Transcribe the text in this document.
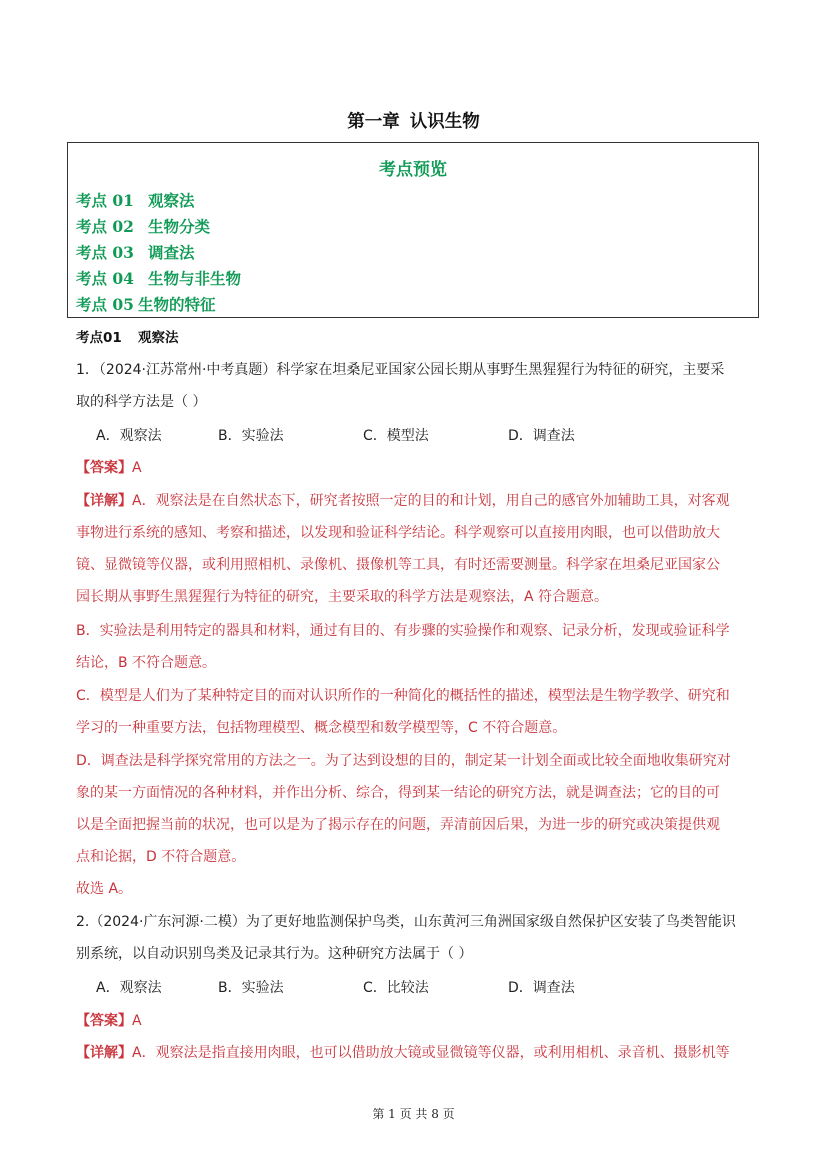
第一章 认识生物
考点预览
考点 01 观察法
考点 02 生物分类
考点 03 调查法
考点 04 生物与非生物
考点 05 生物的特征
考点01 观察法
1．（2024·江苏常州·中考真题）科学家在坦桑尼亚国家公园长期从事野生黑猩猩行为特征的研究，主要采
取的科学方法是（ ）
A．观察法	B．实验法	C．模型法	D．调查法
【答案】A
【详解】A．观察法是在自然状态下，研究者按照一定的目的和计划，用自己的感官外加辅助工具，对客观
事物进行系统的感知、考察和描述，以发现和验证科学结论。科学观察可以直接用肉眼，也可以借助放大
镜、显微镜等仪器，或利用照相机、录像机、摄像机等工具，有时还需要测量。科学家在坦桑尼亚国家公
园长期从事野生黑猩猩行为特征的研究，主要采取的科学方法是观察法，A 符合题意。
B．实验法是利用特定的器具和材料，通过有目的、有步骤的实验操作和观察、记录分析，发现或验证科学
结论，B 不符合题意。
C．模型是人们为了某种特定目的而对认识所作的一种简化的概括性的描述，模型法是生物学教学、研究和
学习的一种重要方法，包括物理模型、概念模型和数学模型等，C 不符合题意。
D．调查法是科学探究常用的方法之一。为了达到设想的目的，制定某一计划全面或比较全面地收集研究对
象的某一方面情况的各种材料，并作出分析、综合，得到某一结论的研究方法，就是调查法；它的目的可
以是全面把握当前的状况，也可以是为了揭示存在的问题，弄清前因后果，为进一步的研究或决策提供观
点和论据，D 不符合题意。
故选 A。
2.（2024·广东河源·二模）为了更好地监测保护鸟类，山东黄河三角洲国家级自然保护区安装了鸟类智能识
别系统，以自动识别鸟类及记录其行为。这种研究方法属于（ ）
A．观察法	B．实验法	C．比较法	D．调查法
【答案】A
【详解】A．观察法是指直接用肉眼，也可以借助放大镜或显微镜等仪器，或利用相机、录音机、摄影机等
第 1 页 共 8 页
